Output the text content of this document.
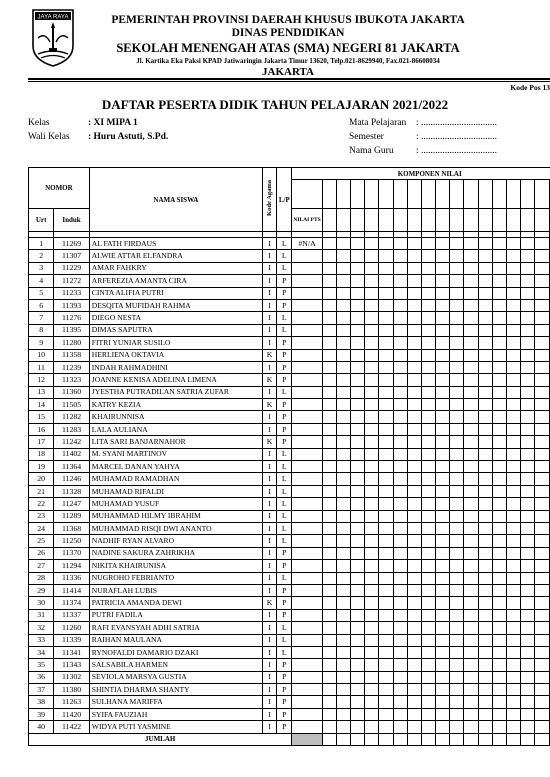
JAYA RAYA	PEMERINTAH PROVINSI DAERAH KHUSUS IBUKOTA JAKARTA
DINAS PENDIDIKAN
SEKOLAH MENENGAH ATAS (SMA) NEGERI 81 JAKARTA
Jl. Kartika Eka Paksi KPAD Jatiwaringin Jakarta Timur 13620, Telp.021-8629940, Fax.021-86608034
JAKARTA
Kode Pos 13
DAFTAR PESERTA DIDIK TAHUN PELAJARAN 2021/2022
Kelas	: XI MIPA 1
Wali Kelas : Huru Astuti, S.Pd.
Mata Pelajaran : ................................
Semester	: ................................
Nama Guru : ................................
NOMOR		NAMA SISWA	Kode Agama	L/P	KOMPONEN NILAI																	

Urt	Induk				NILAI PTS																	

1	11269	AL FATH FIRDAUS	I	L	#N/A																	
2	11307	ALWIE ATTAR ELFANDRA	I	L																		
3	11229	AMAR FAHKRY	I	L																		
4	11272	ARFEREZIA AMANTA CIRA	I	P																		
5	11233	CINTA ALIFIA PUTRI	I	P																		
6	11393	DESQITA MUFIDAH RAHMA	I	P																		
7	11276	DIEGO NESTA	I	L																		
8	11395	DIMAS SAPUTRA	I	L																		
9	11280	FITRI YUNIAR SUSILO	I	P																		
10	11358	HERLIENA OKTAVIA	K	P																		
11	11239	INDAH RAHMADHINI	I	P																		
12	11323	JOANNE KENISA ADELINA LIMENA	K	P																		
13	11360	JYESTHA PUTRADILAN SATRIA ZUFAR	I	L																		
14	11505	KATRY KEZIA	K	P																		
15	11282	KHAIRUNNISA	I	P																		
16	11283	LALA AULIANA	I	P																		
17	11242	LITA SARI BANJARNAHOR	K	P																		
18	11402	M. SYANI MARTINOV	I	L																		
19	11364	MARCEL DANAN YAHYA	I	L																		
20	11246	MUHAMAD RAMADHAN	I	L																		
21	11328	MUHAMAD RIFALDI	I	L																		
22	11247	MUHAMAD YUSUF	I	L																		
23	11289	MUHAMMAD HILMY IBRAHIM	I	L																		
24	11368	MUHAMMAD RISQI DWI ANANTO	I	L																		
25	11250	NADHIF RYAN ALVARO	I	L																		
26	11370	NADINE SAKURA ZAHRIKHA	I	P																		
27	11294	NIKITA KHAIRUNISA	I	P																		
28	11336	NUGROHO FEBRIANTO	I	L																		
29	11414	NURAFLAH LUBIS	I	P																		
30	11374	PATRICIA AMANDA DEWI	K	P																		
31	11337	PUTRI FADILA	I	P																		
32	11260	RAFI EVANSYAH ADHI SATRIA	I	L																		
33	11339	RAIHAN MAULANA	I	L																		
34	11341	RYNOFALDI DAMARIO DZAKI	I	L																		
35	11343	SALSABILA HARMEN	I	P																		
36	11302	SEVIOLA MARSYA GUSTIA	I	P																		
37	11380	SHINTIA DHARMA SHANTY	I	P																		
38	11263	SULHANA MARIFFA	I	P																		
39	11420	SYIFA FAUZIAH	I	P																		
40	11422	WIDYA PUTI YASMINE	I	P																		
JUMLAH																						
